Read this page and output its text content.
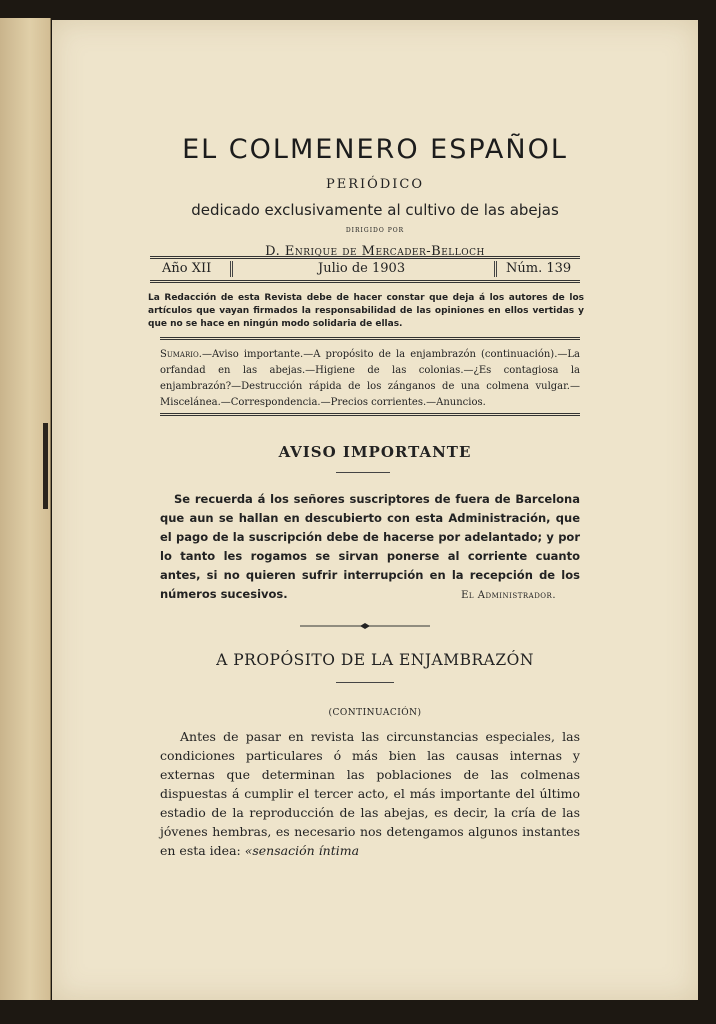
EL COLMENERO ESPAÑOL
PERIÓDICO
dedicado exclusivamente al cultivo de las abejas
DIRIGIDO POR
D. Enrique de Mercader-Belloch
Año XII	Julio de 1903	Núm. 139
La Redacción de esta Revista debe de hacer constar que deja á los autores de los artículos que vayan firmados la responsabilidad de las opiniones en ellos vertidas y que no se hace en ningún modo solidaria de ellas.
Sumario.—Aviso importante.—A propósito de la enjambrazón (continuación).—La orfandad en las abejas.—Higiene de las colonias.—¿Es contagiosa la enjambrazón?—Destrucción rápida de los zánganos de una colmena vulgar.—Miscelánea.—Correspondencia.—Precios corrientes.—Anuncios.
AVISO IMPORTANTE
Se recuerda á los señores suscriptores de fuera de Barcelona que aun se hallan en descubierto con esta Administración, que el pago de la suscripción debe de hacerse por adelantado; y por lo tanto les rogamos se sirvan ponerse al corriente cuanto antes, si no quieren sufrir interrupción en la recepción de los números sucesivos.	El Administrador.
A PROPÓSITO DE LA ENJAMBRAZÓN
(CONTINUACIÓN)
Antes de pasar en revista las circunstancias especiales, las condiciones particulares ó más bien las causas internas y externas que determinan las poblaciones de las colmenas dispuestas á cumplir el tercer acto, el más importante del último estadio de la reproducción de las abejas, es decir, la cría de las jóvenes hembras, es necesario nos detengamos algunos instantes en esta idea: «sensación íntima
